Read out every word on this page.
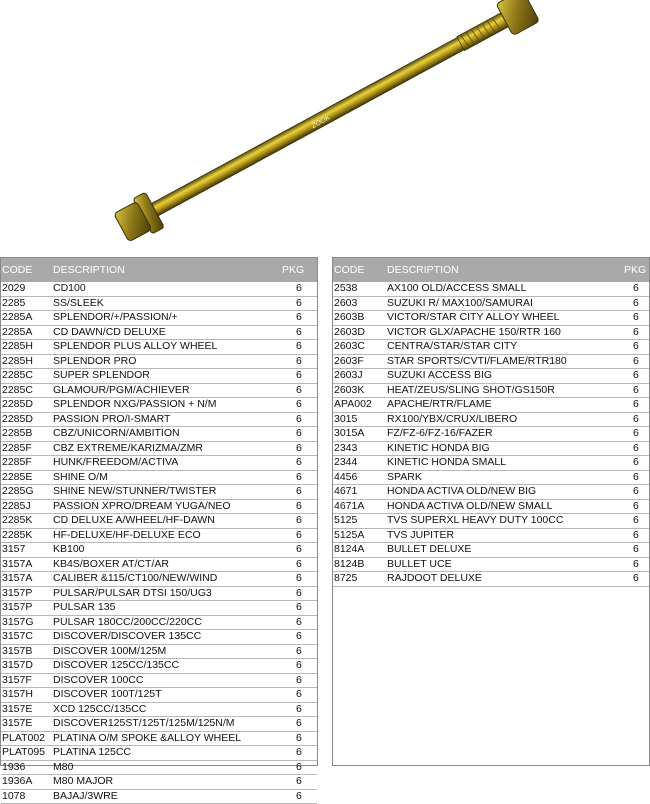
ZOOK
CODE DESCRIPTION	PKG
2029	CD100	6
2285	SS/SLEEK	6
2285A SPLENDOR/+/PASSION/+	6
2285A CD DAWN/CD DELUXE	6
2285H SPLENDOR PLUS ALLOY WHEEL	6
2285H SPLENDOR PRO	6
2285C SUPER SPLENDOR	6
2285C GLAMOUR/PGM/ACHIEVER	6
2285D SPLENDOR NXG/PASSION + N/M	6
2285D PASSION PRO/I-SMART	6
2285B CBZ/UNICORN/AMBITION	6
2285F CBZ EXTREME/KARIZMA/ZMR	6
2285F HUNK/FREEDOM/ACTIVA	6
2285E SHINE O/M	6
2285G SHINE NEW/STUNNER/TWISTER	6
2285J PASSION XPRO/DREAM YUGA/NEO	6
2285K CD DELUXE A/WHEEL/HF-DAWN	6
2285K HF-DELUXE/HF-DELUXE ECO	6
3157	KB100	6
3157A KB4S/BOXER AT/CT/AR	6
3157A CALIBER &115/CT100/NEW/WIND	6
3157P PULSAR/PULSAR DTSI 150/UG3	6
3157P PULSAR 135	6
3157G PULSAR 180CC/200CC/220CC	6
3157C DISCOVER/DISCOVER 135CC	6
3157B DISCOVER 100M/125M	6
3157D DISCOVER 125CC/135CC	6
3157F DISCOVER 100CC	6
3157H DISCOVER 100T/125T	6
3157E XCD 125CC/135CC	6
3157E DISCOVER125ST/125T/125M/125N/M	6
PLAT002 PLATINA O/M SPOKE &ALLOY WHEEL	6
PLAT095 PLATINA 125CC	6
1936	M80	6
1936A M80 MAJOR	6
1078	BAJAJ/3WRE	6
CODE DESCRIPTION	PKG
2538	AX100 OLD/ACCESS SMALL	6
2603	SUZUKI R/ MAX100/SAMURAI	6
2603B VICTOR/STAR CITY ALLOY WHEEL	6
2603D VICTOR GLX/APACHE 150/RTR 160	6
2603C CENTRA/STAR/STAR CITY	6
2603F STAR SPORTS/CVTI/FLAME/RTR180	6
2603J SUZUKI ACCESS BIG	6
2603K HEAT/ZEUS/SLING SHOT/GS150R	6
APA002 APACHE/RTR/FLAME	6
3015	RX100/YBX/CRUX/LIBERO	6
3015A FZ/FZ-6/FZ-16/FAZER	6
2343	KINETIC HONDA BIG	6
2344	KINETIC HONDA SMALL	6
4456	SPARK	6
4671	HONDA ACTIVA OLD/NEW BIG	6
4671A HONDA ACTIVA OLD/NEW SMALL	6
5125	TVS SUPERXL HEAVY DUTY 100CC	6
5125A TVS JUPITER	6
8124A BULLET DELUXE	6
8124B BULLET UCE	6
8725	RAJDOOT DELUXE	6
